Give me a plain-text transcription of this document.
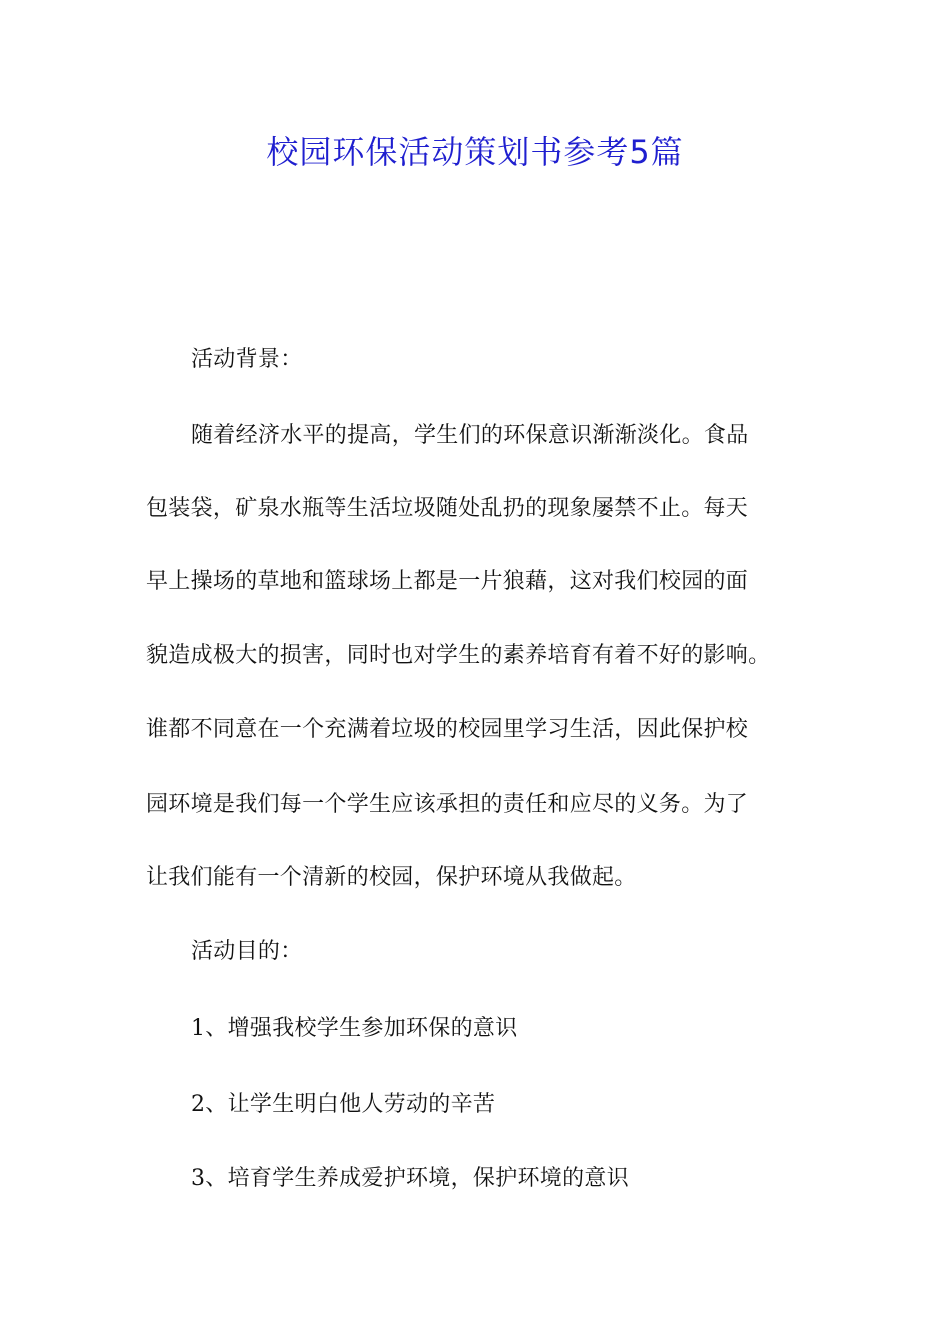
校园环保活动策划书参考5篇
活动背景：
随着经济水平的提高，学生们的环保意识渐渐淡化。食品
包装袋，矿泉水瓶等生活垃圾随处乱扔的现象屡禁不止。每天
早上操场的草地和篮球场上都是一片狼藉，这对我们校园的面
貌造成极大的损害，同时也对学生的素养培育有着不好的影响。
谁都不同意在一个充满着垃圾的校园里学习生活，因此保护校
园环境是我们每一个学生应该承担的责任和应尽的义务。为了
让我们能有一个清新的校园，保护环境从我做起。
活动目的：
1、增强我校学生参加环保的意识
2、让学生明白他人劳动的辛苦
3、培育学生养成爱护环境，保护环境的意识
